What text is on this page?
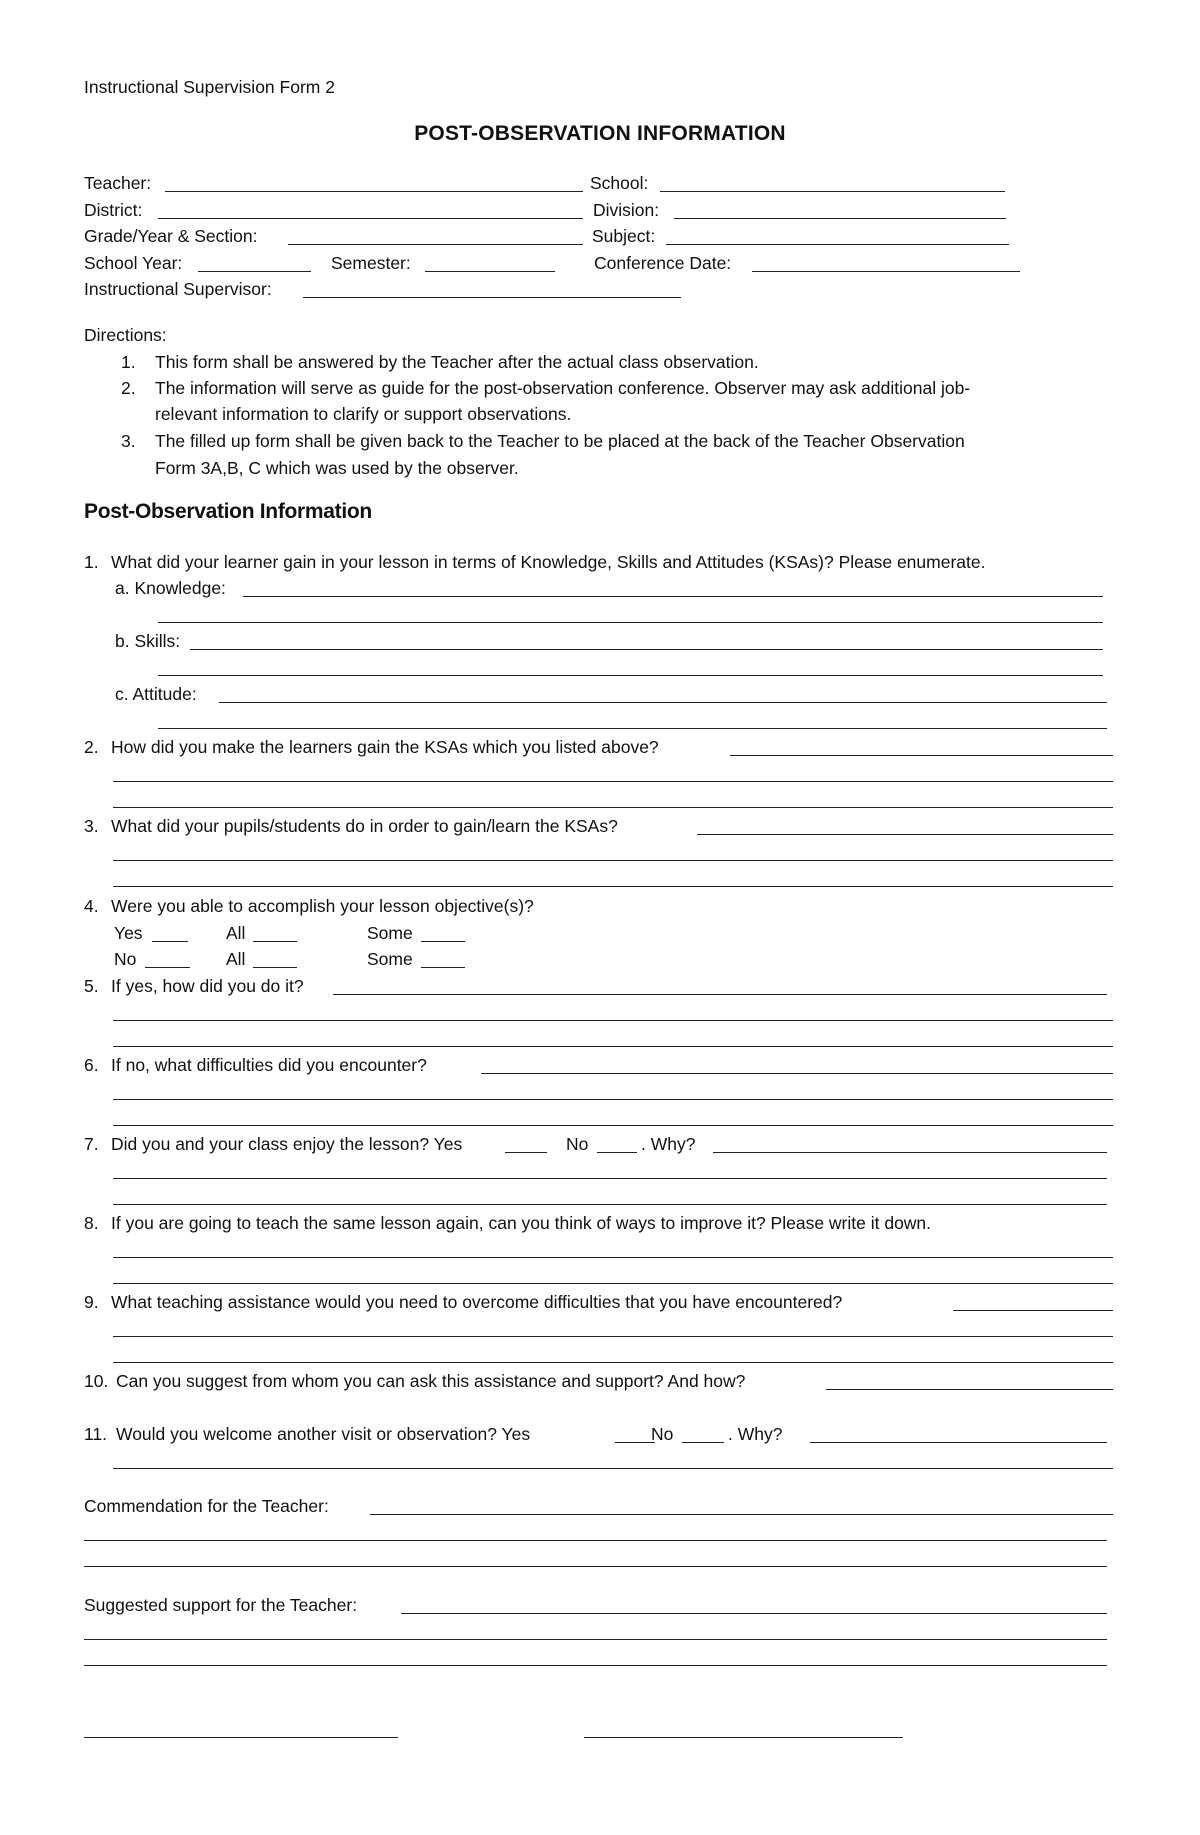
Instructional Supervision Form 2
POST-OBSERVATION INFORMATION
Teacher:	School:
District:	Division:
Grade/Year & Section:	Subject:
School Year:	Semester:	Conference Date:
Instructional Supervisor:
Directions:
1. This form shall be answered by the Teacher after the actual class observation.
2. The information will serve as guide for the post-observation conference. Observer may ask additional job-
relevant information to clarify or support observations.
3. The filled up form shall be given back to the Teacher to be placed at the back of the Teacher Observation
Form 3A,B, C which was used by the observer.
Post-Observation Information
1. What did your learner gain in your lesson in terms of Knowledge, Skills and Attitudes (KSAs)? Please enumerate.
a. Knowledge:
b. Skills:
c. Attitude:
2. How did you make the learners gain the KSAs which you listed above?
3. What did your pupils/students do in order to gain/learn the KSAs?
4. Were you able to accomplish your lesson objective(s)?
Yes	All	Some
No	All	Some
5. If yes, how did you do it?
6. If no, what difficulties did you encounter?
7. Did you and your class enjoy the lesson? Yes	No	. Why?
8. If you are going to teach the same lesson again, can you think of ways to improve it? Please write it down.
9. What teaching assistance would you need to overcome difficulties that you have encountered?
10. Can you suggest from whom you can ask this assistance and support? And how?
11. Would you welcome another visit or observation? Yes	No	. Why?
Commendation for the Teacher:
Suggested support for the Teacher:
